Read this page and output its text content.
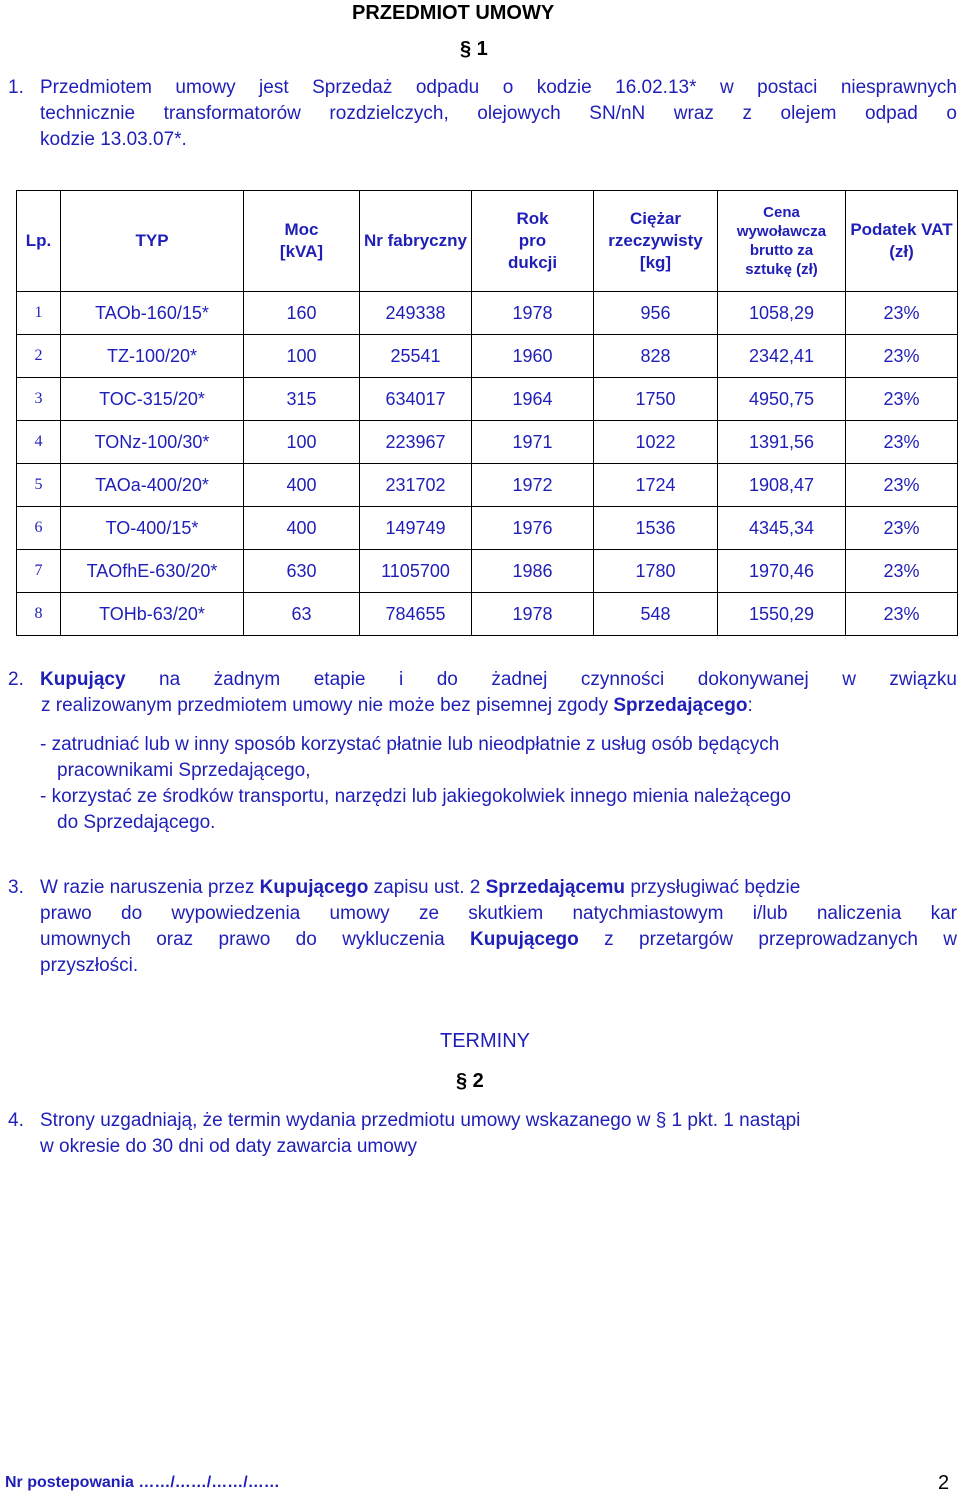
PRZEDMIOT UMOWY
§ 1
1. Przedmiotem umowy jest Sprzedaż odpadu o kodzie 16.02.13* w postaci niesprawnych
technicznie transformatorów rozdzielczych, olejowych SN/nN wraz z olejem odpad o
kodzie 13.03.07*.
Lp.	TYP	Moc [kVA]	Nr fabryczny	Rok pro dukcji	Ciężar rzeczywisty [kg]	Cena wywoławcza brutto za sztukę (zł)	Podatek VAT (zł)
1	TAOb-160/15*	160	249338	1978	956	1058,29	23%
2	TZ-100/20*	100	25541	1960	828	2342,41	23%
3	TOC-315/20*	315	634017	1964	1750	4950,75	23%
4	TONz-100/30*	100	223967	1971	1022	1391,56	23%
5	TAOa-400/20*	400	231702	1972	1724	1908,47	23%
6	TO-400/15*	400	149749	1976	1536	4345,34	23%
7	TAOfhE-630/20*	630	1105700	1986	1780	1970,46	23%
8	TOHb-63/20*	63	784655	1978	548	1550,29	23%
2. Kupujący na żadnym etapie i do żadnej czynności dokonywanej w związku
z realizowanym przedmiotem umowy nie może bez pisemnej zgody Sprzedającego:
- zatrudniać lub w inny sposób korzystać płatnie lub nieodpłatnie z usług osób będących
pracownikami Sprzedającego,
- korzystać ze środków transportu, narzędzi lub jakiegokolwiek innego mienia należącego
do Sprzedającego.
3. W razie naruszenia przez Kupującego zapisu ust. 2 Sprzedającemu przysługiwać będzie
prawo do wypowiedzenia umowy ze skutkiem natychmiastowym i/lub naliczenia kar
umownych oraz prawo do wykluczenia Kupującego z przetargów przeprowadzanych w
przyszłości.
TERMINY
§ 2
4. Strony uzgadniają, że termin wydania przedmiotu umowy wskazanego w § 1 pkt. 1 nastąpi
w okresie do 30 dni od daty zawarcia umowy
Nr postepowania ……/……/……/……	2
